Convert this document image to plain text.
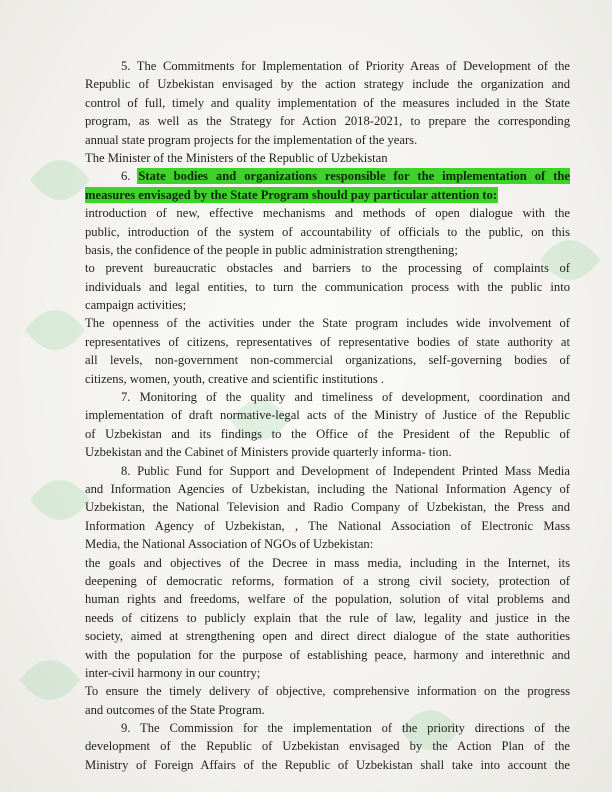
5. The Commitments for Implementation of Priority Areas of Development of the
Republic of Uzbekistan envisaged by the action strategy include the organization and
control of full, timely and quality implementation of the measures included in the State
program, as well as the Strategy for Action 2018-2021, to prepare the corresponding
annual state program projects for the implementation of the years.
The Minister of the Ministers of the Republic of Uzbekistan
6. State bodies and organizations responsible for the implementation of the
measures envisaged by the State Program should pay particular attention to:
introduction of new, effective mechanisms and methods of open dialogue with the
public, introduction of the system of accountability of officials to the public, on this
basis, the confidence of the people in public administration strengthening;
to prevent bureaucratic obstacles and barriers to the processing of complaints of
individuals and legal entities, to turn the communication process with the public into
campaign activities;
The openness of the activities under the State program includes wide involvement of
representatives of citizens, representatives of representative bodies of state authority at
all levels, non-government non-commercial organizations, self-governing bodies of
citizens, women, youth, creative and scientific institutions .
7. Monitoring of the quality and timeliness of development, coordination and
implementation of draft normative-legal acts of the Ministry of Justice of the Republic
of Uzbekistan and its findings to the Office of the President of the Republic of
Uzbekistan and the Cabinet of Ministers provide quarterly informa- tion.
8. Public Fund for Support and Development of Independent Printed Mass Media
and Information Agencies of Uzbekistan, including the National Information Agency of
Uzbekistan, the National Television and Radio Company of Uzbekistan, the Press and
Information Agency of Uzbekistan, , The National Association of Electronic Mass
Media, the National Association of NGOs of Uzbekistan:
the goals and objectives of the Decree in mass media, including in the Internet, its
deepening of democratic reforms, formation of a strong civil society, protection of
human rights and freedoms, welfare of the population, solution of vital problems and
needs of citizens to publicly explain that the rule of law, legality and justice in the
society, aimed at strengthening open and direct direct dialogue of the state authorities
with the population for the purpose of establishing peace, harmony and interethnic and
inter-civil harmony in our country;
To ensure the timely delivery of objective, comprehensive information on the progress
and outcomes of the State Program.
9. The Commission for the implementation of the priority directions of the
development of the Republic of Uzbekistan envisaged by the Action Plan of the
Ministry of Foreign Affairs of the Republic of Uzbekistan shall take into account the
